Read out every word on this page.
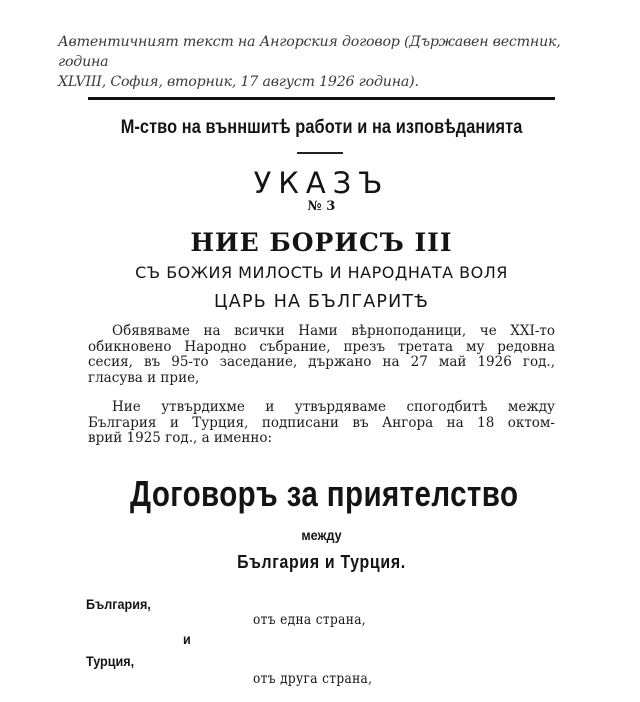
Автентичният текст на Ангорския договор (Държавен вестник, година
XLVIII, София, вторник, 17 август 1926 година).
М-ство на вънншитѣ работи и на изповѣданията
УКАЗЪ
№ 3
НИЕ БОРИСЪ III
СЪ БОЖИЯ МИЛОСТЬ И НАРОДНАТА ВОЛЯ
ЦАРЬ НА БЪЛГАРИТѢ
Обявяваме на всички Нами вѣрноподаници, че XXI-то
обикновено Народно събрание, презъ третата му редовна
сесия, въ 95-то заседание, държано на 27 май 1926 год.,
гласува и прие,
Ние утвърдихме и утвърдяваме спогодбитѣ между
България и Турция, подписани въ Ангора на 18 октом-
врий 1925 год., а именно:
Договоръ за приятелство
между
България и Турция.
България,
отъ една страна,
и
Турция,
отъ друга страна,
